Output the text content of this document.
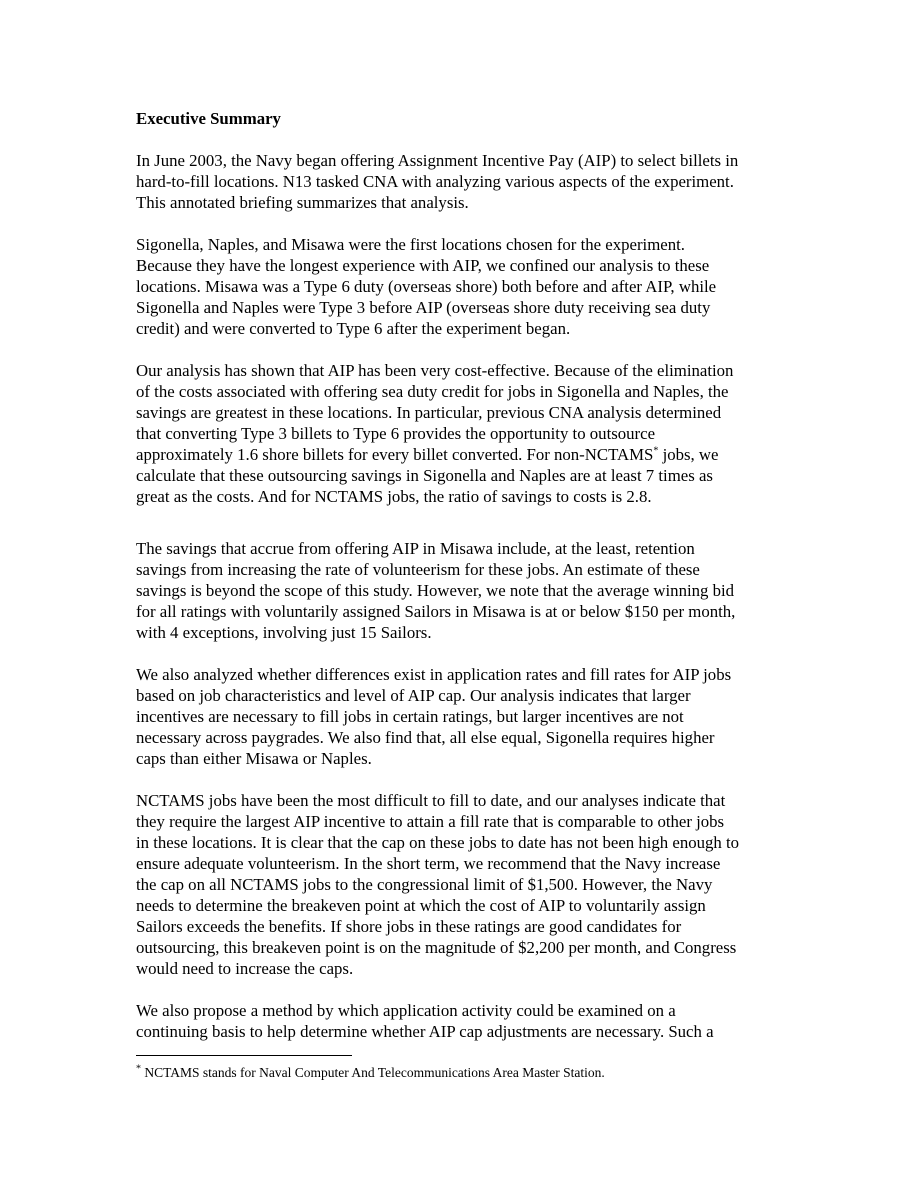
Executive Summary
In June 2003, the Navy began offering Assignment Incentive Pay (AIP) to select billets in
hard-to-fill locations. N13 tasked CNA with analyzing various aspects of the experiment.
This annotated briefing summarizes that analysis.
Sigonella, Naples, and Misawa were the first locations chosen for the experiment.
Because they have the longest experience with AIP, we confined our analysis to these
locations. Misawa was a Type 6 duty (overseas shore) both before and after AIP, while
Sigonella and Naples were Type 3 before AIP (overseas shore duty receiving sea duty
credit) and were converted to Type 6 after the experiment began.
Our analysis has shown that AIP has been very cost-effective. Because of the elimination
of the costs associated with offering sea duty credit for jobs in Sigonella and Naples, the
savings are greatest in these locations. In particular, previous CNA analysis determined
that converting Type 3 billets to Type 6 provides the opportunity to outsource
approximately 1.6 shore billets for every billet converted. For non-NCTAMS* jobs, we
calculate that these outsourcing savings in Sigonella and Naples are at least 7 times as
great as the costs. And for NCTAMS jobs, the ratio of savings to costs is 2.8.
The savings that accrue from offering AIP in Misawa include, at the least, retention
savings from increasing the rate of volunteerism for these jobs. An estimate of these
savings is beyond the scope of this study. However, we note that the average winning bid
for all ratings with voluntarily assigned Sailors in Misawa is at or below $150 per month,
with 4 exceptions, involving just 15 Sailors.
We also analyzed whether differences exist in application rates and fill rates for AIP jobs
based on job characteristics and level of AIP cap. Our analysis indicates that larger
incentives are necessary to fill jobs in certain ratings, but larger incentives are not
necessary across paygrades. We also find that, all else equal, Sigonella requires higher
caps than either Misawa or Naples.
NCTAMS jobs have been the most difficult to fill to date, and our analyses indicate that
they require the largest AIP incentive to attain a fill rate that is comparable to other jobs
in these locations. It is clear that the cap on these jobs to date has not been high enough to
ensure adequate volunteerism. In the short term, we recommend that the Navy increase
the cap on all NCTAMS jobs to the congressional limit of $1,500. However, the Navy
needs to determine the breakeven point at which the cost of AIP to voluntarily assign
Sailors exceeds the benefits. If shore jobs in these ratings are good candidates for
outsourcing, this breakeven point is on the magnitude of $2,200 per month, and Congress
would need to increase the caps.
We also propose a method by which application activity could be examined on a
continuing basis to help determine whether AIP cap adjustments are necessary. Such a
* NCTAMS stands for Naval Computer And Telecommunications Area Master Station.
